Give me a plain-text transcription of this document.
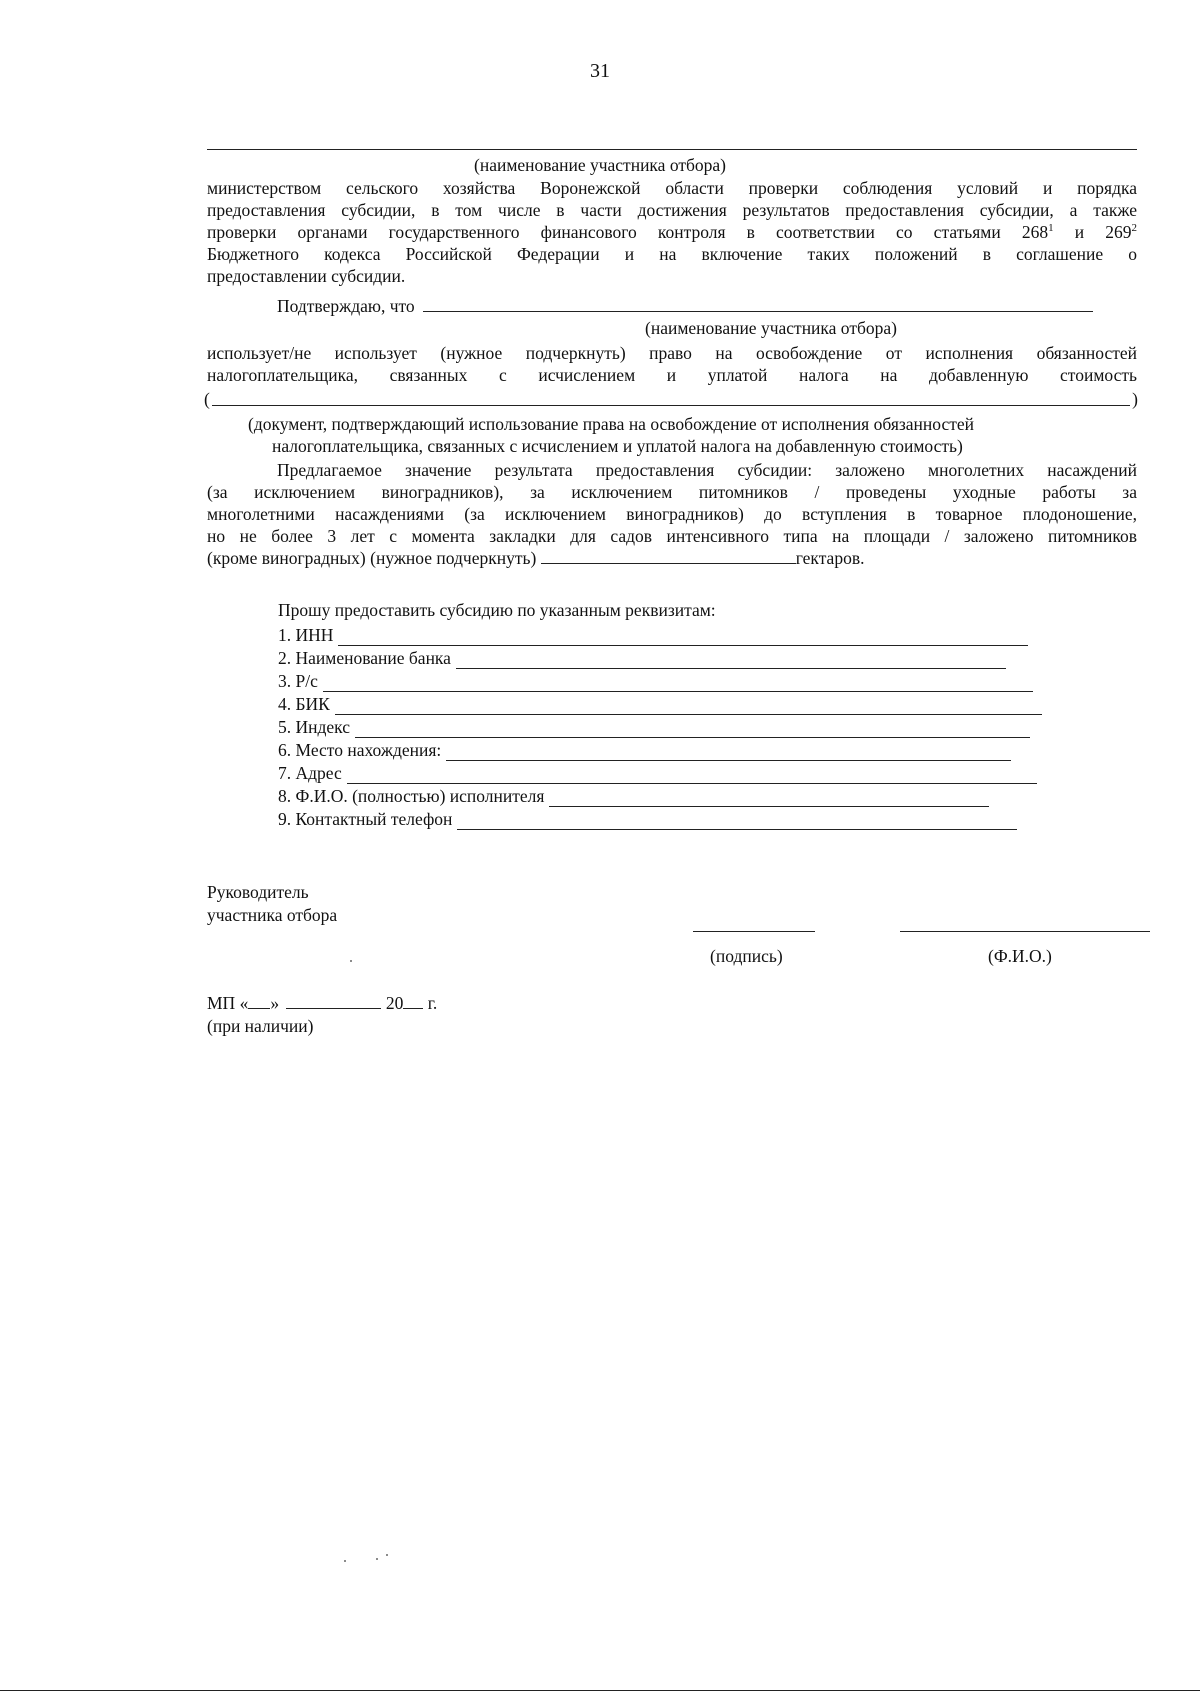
31
(наименование участника отбора)
министерством сельского хозяйства Воронежской области проверки соблюдения условий и порядка
предоставления субсидии, в том числе в части достижения результатов предоставления субсидии, а также
проверки органами государственного финансового контроля в соответствии со статьями $268^1$ и $269^2$
Бюджетного кодекса Российской Федерации и на включение таких положений в соглашение о
предоставлении субсидии.
Подтверждаю, что
(наименование участника отбора)
использует/не использует (нужное подчеркнуть) право на освобождение от исполнения обязанностей
налогоплательщика, связанных с исчислением и уплатой налога на добавленную стоимость
(	)
(документ, подтверждающий использование права на освобождение от исполнения обязанностей
налогоплательщика, связанных с исчислением и уплатой налога на добавленную стоимость)
Предлагаемое значение результата предоставления субсидии: заложено многолетних насаждений
(за исключением виноградников), за исключением питомников / проведены уходные работы за
многолетними насаждениями (за исключением виноградников) до вступления в товарное плодоношение,
но не более 3 лет с момента закладки для садов интенсивного типа на площади / заложено питомников
(кроме виноградных) (нужное подчеркнуть)	гектаров.
Прошу предоставить субсидию по указанным реквизитам:
1. ИНН
2. Наименование банка
3. Р/с
4. БИК
5. Индекс
6. Место нахождения:
7. Адрес
8. Ф.И.О. (полностью) исполнителя
9. Контактный телефон
Руководитель
участника отбора
(подпись)	(Ф.И.О.)
МП « »	20 г.
(при наличии)
